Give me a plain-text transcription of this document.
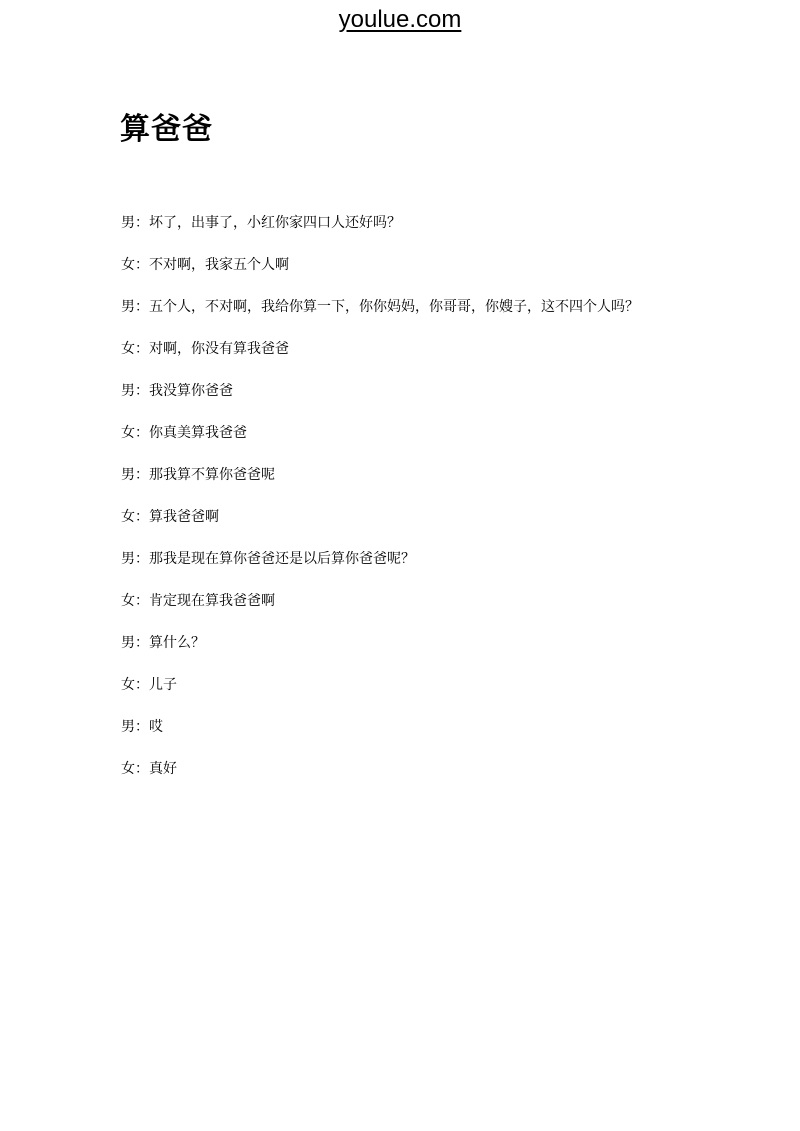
youlue.com
算爸爸
男：坏了，出事了，小红你家四口人还好吗？
女：不对啊，我家五个人啊
男：五个人，不对啊，我给你算一下，你你妈妈，你哥哥，你嫂子，这不四个人吗？
女：对啊，你没有算我爸爸
男：我没算你爸爸
女：你真美算我爸爸
男：那我算不算你爸爸呢
女：算我爸爸啊
男：那我是现在算你爸爸还是以后算你爸爸呢？
女：肯定现在算我爸爸啊
男：算什么？
女：儿子
男：哎
女：真好
